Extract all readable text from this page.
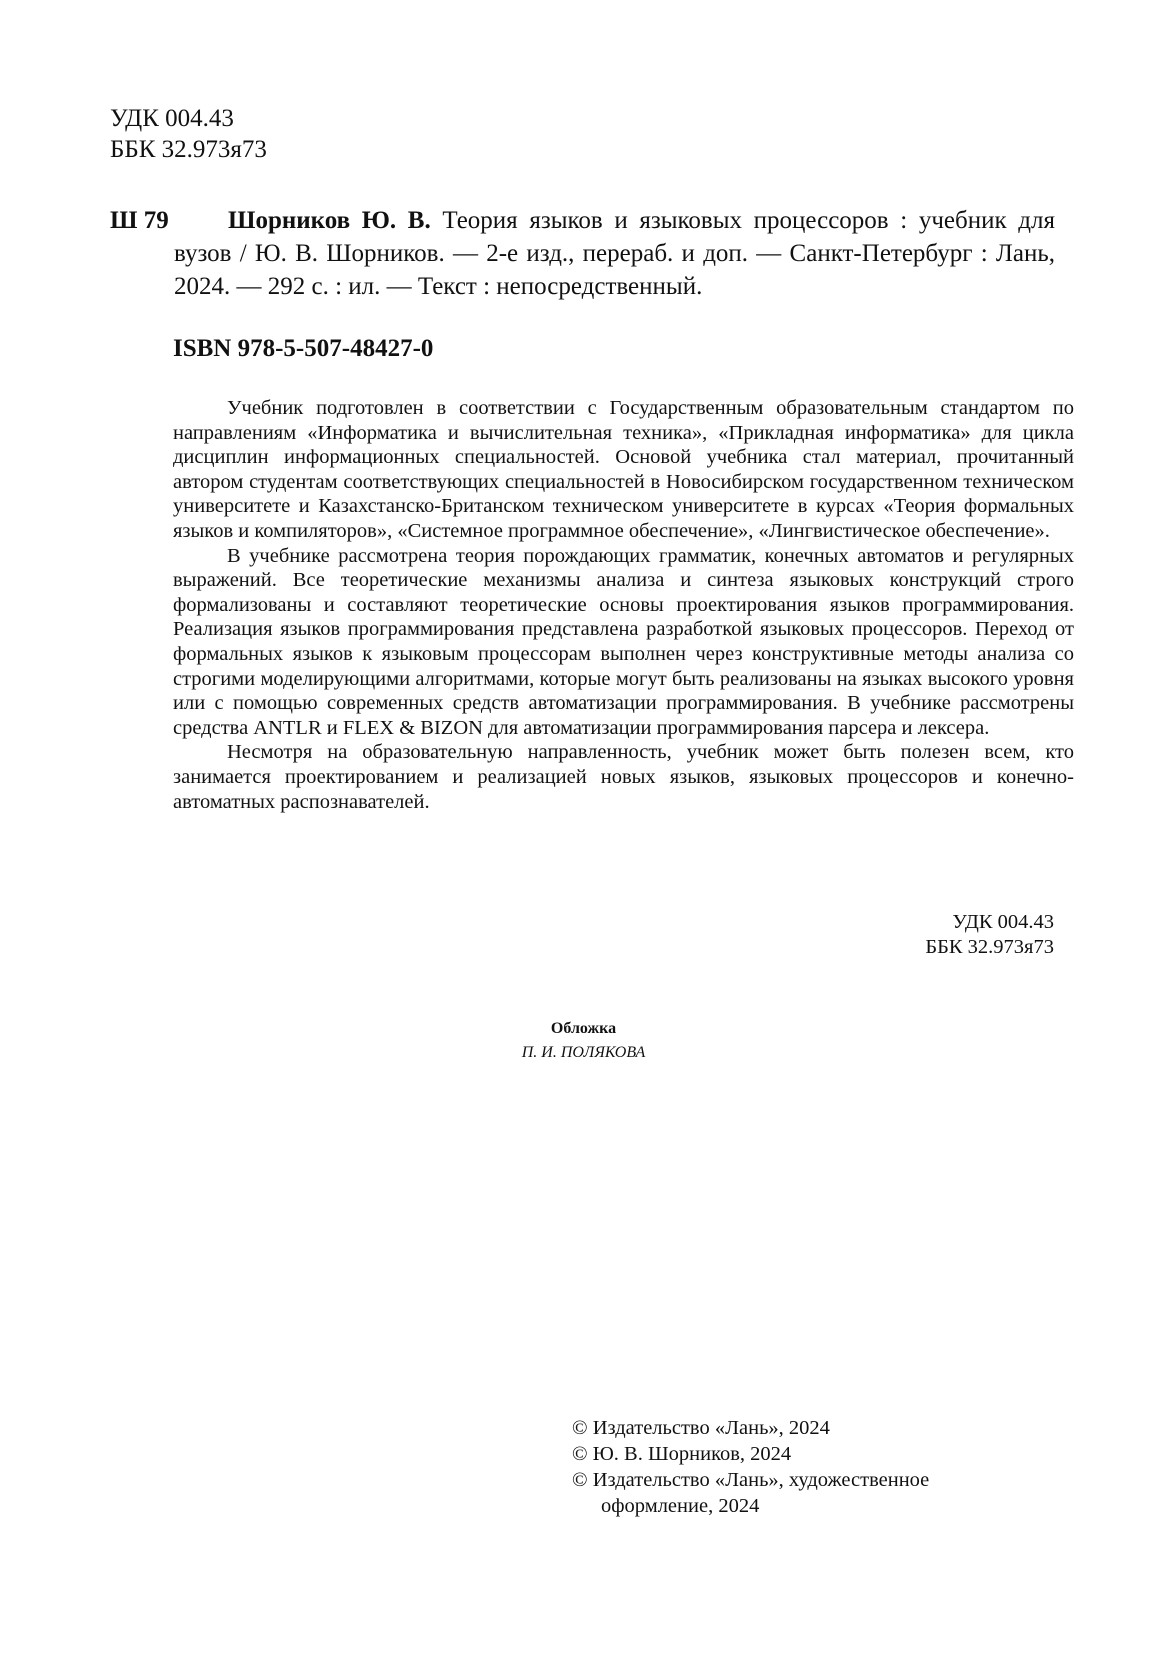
УДК 004.43
ББК 32.973я73
Ш 79	Шорников Ю. В. Теория языков и языковых процессоров : учебник для вузов / Ю. В. Шорников. — 2-е изд., перераб. и доп. — Санкт-Петербург : Лань, 2024. — 292 с. : ил. — Текст : непосредственный.
ISBN 978-5-507-48427-0

Учебник подготовлен в соответствии с Государственным образовательным стандартом по направлениям «Информатика и вычислительная техника», «Прикладная информатика» для цикла дисциплин информационных специальностей. Основой учебника стал материал, прочитанный автором студентам соответствующих специальностей в Новосибирском государственном техническом университете и Казахстанско-Британском техническом университете в курсах «Теория формальных языков и компиляторов», «Системное программное обеспечение», «Лингвистическое обеспечение».

В учебнике рассмотрена теория порождающих грамматик, конечных автоматов и регулярных выражений. Все теоретические механизмы анализа и синтеза языковых конструкций строго формализованы и составляют теоретические основы проектирования языков программирования. Реализация языков программирования представлена разработкой языковых процессоров. Переход от формальных языков к языковым процессорам выполнен через конструктивные методы анализа со строгими моделирующими алгоритмами, которые могут быть реализованы на языках высокого уровня или с помощью современных средств автоматизации программирования. В учебнике рассмотрены средства ANTLR и FLEX & BIZON для автоматизации программирования парсера и лексера.

Несмотря на образовательную направленность, учебник может быть полезен всем, кто занимается проектированием и реализацией новых языков, языковых процессоров и конечно-автоматных распознавателей.

УДК 004.43
ББК 32.973я73
Обложка
П. И. ПОЛЯКОВА
© Издательство «Лань», 2024
© Ю. В. Шорников, 2024
© Издательство «Лань», художественное
оформление, 2024
